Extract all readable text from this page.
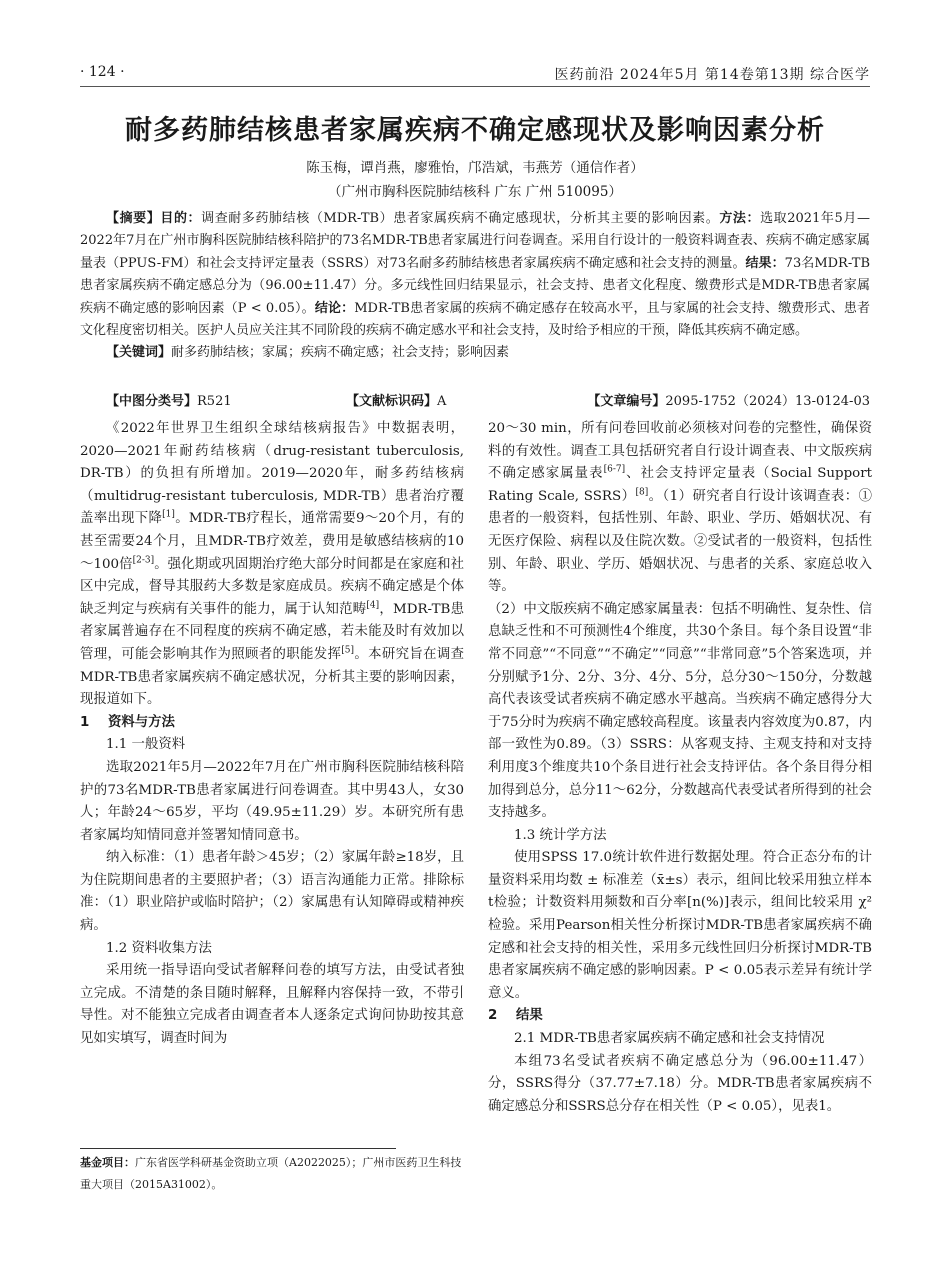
· 124 ·	医药前沿 2024年5月 第14卷第13期 综合医学
耐多药肺结核患者家属疾病不确定感现状及影响因素分析
陈玉梅，谭肖燕，廖雅怡，邝浩斌，韦燕芳（通信作者）
（广州市胸科医院肺结核科 广东 广州 510095）

【摘要】目的：调查耐多药肺结核（MDR-TB）患者家属疾病不确定感现状，分析其主要的影响因素。方法：选取2021年5月—2022年7月在广州市胸科医院肺结核科陪护的73名MDR-TB患者家属进行问卷调查。采用自行设计的一般资料调查表、疾病不确定感家属量表（PPUS-FM）和社会支持评定量表（SSRS）对73名耐多药肺结核患者家属疾病不确定感和社会支持的测量。结果：73名MDR-TB患者家属疾病不确定感总分为（96.00±11.47）分。多元线性回归结果显示，社会支持、患者文化程度、缴费形式是MDR-TB患者家属疾病不确定感的影响因素（P < 0.05）。结论：MDR-TB患者家属的疾病不确定感存在较高水平，且与家属的社会支持、缴费形式、患者文化程度密切相关。医护人员应关注其不同阶段的疾病不确定感水平和社会支持，及时给予相应的干预，降低其疾病不确定感。

【关键词】耐多药肺结核；家属；疾病不确定感；社会支持；影响因素
【中图分类号】R521	【文献标识码】A	【文章编号】2095-1752（2024）13-0124-03

《2022年世界卫生组织全球结核病报告》中数据表明，2020—2021年耐药结核病（drug-resistant tuberculosis, DR-TB）的负担有所增加。2019—2020年，耐多药结核病（multidrug-resistant tuberculosis, MDR-TB）患者治疗覆盖率出现下降[1]。MDR-TB疗程长，通常需要9～20个月，有的甚至需要24个月，且MDR-TB疗效差，费用是敏感结核病的10～100倍[2-3]。强化期或巩固期治疗绝大部分时间都是在家庭和社区中完成，督导其服药大多数是家庭成员。疾病不确定感是个体缺乏判定与疾病有关事件的能力，属于认知范畴[4]，MDR-TB患者家属普遍存在不同程度的疾病不确定感，若未能及时有效加以管理，可能会影响其作为照顾者的职能发挥[5]。本研究旨在调查MDR-TB患者家属疾病不确定感状况，分析其主要的影响因素，现报道如下。

1 资料与方法
1.1 一般资料

选取2021年5月—2022年7月在广州市胸科医院肺结核科陪护的73名MDR-TB患者家属进行问卷调查。其中男43人，女30人；年龄24～65岁，平均（49.95±11.29）岁。本研究所有患者家属均知情同意并签署知情同意书。

纳入标准：（1）患者年龄＞45岁；（2）家属年龄≥18岁，且为住院期间患者的主要照护者；（3）语言沟通能力正常。排除标准：（1）职业陪护或临时陪护；（2）家属患有认知障碍或精神疾病。

1.2 资料收集方法

采用统一指导语向受试者解释问卷的填写方法，由受试者独立完成。不清楚的条目随时解释，且解释内容保持一致，不带引导性。对不能独立完成者由调查者本人逐条定式询问协助按其意见如实填写，调查时间为

20～30 min，所有问卷回收前必须核对问卷的完整性，确保资料的有效性。调查工具包括研究者自行设计调查表、中文版疾病不确定感家属量表[6-7]、社会支持评定量表（Social Support Rating Scale, SSRS）[8]。（1）研究者自行设计该调查表：①患者的一般资料，包括性别、年龄、职业、学历、婚姻状况、有无医疗保险、病程以及住院次数。②受试者的一般资料，包括性别、年龄、职业、学历、婚姻状况、与患者的关系、家庭总收入等。

（2）中文版疾病不确定感家属量表：包括不明确性、复杂性、信息缺乏性和不可预测性4个维度，共30个条目。每个条目设置“非常不同意”“不同意”“不确定”“同意”“非常同意”5个答案选项，并分别赋予1分、2分、3分、4分、5分，总分30～150分，分数越高代表该受试者疾病不确定感水平越高。当疾病不确定感得分大于75分时为疾病不确定感较高程度。该量表内容效度为0.87，内部一致性为0.89。（3）SSRS：从客观支持、主观支持和对支持利用度3个维度共10个条目进行社会支持评估。各个条目得分相加得到总分，总分11～62分，分数越高代表受试者所得到的社会支持越多。

1.3 统计学方法

使用SPSS 17.0统计软件进行数据处理。符合正态分布的计量资料采用均数 ± 标准差（x̄±s）表示，组间比较采用独立样本t检验；计数资料用频数和百分率[n(%)]表示，组间比较采用 χ² 检验。采用Pearson相关性分析探讨MDR-TB患者家属疾病不确定感和社会支持的相关性，采用多元线性回归分析探讨MDR-TB患者家属疾病不确定感的影响因素。P < 0.05表示差异有统计学意义。

2 结果
2.1 MDR-TB患者家属疾病不确定感和社会支持情况

本组73名受试者疾病不确定感总分为（96.00±11.47）分，SSRS得分（37.77±7.18）分。MDR-TB患者家属疾病不确定感总分和SSRS总分存在相关性（P < 0.05），见表1。

基金项目：广东省医学科研基金资助立项（A2022025）；广州市医药卫生科技重大项目（2015A31002）。
